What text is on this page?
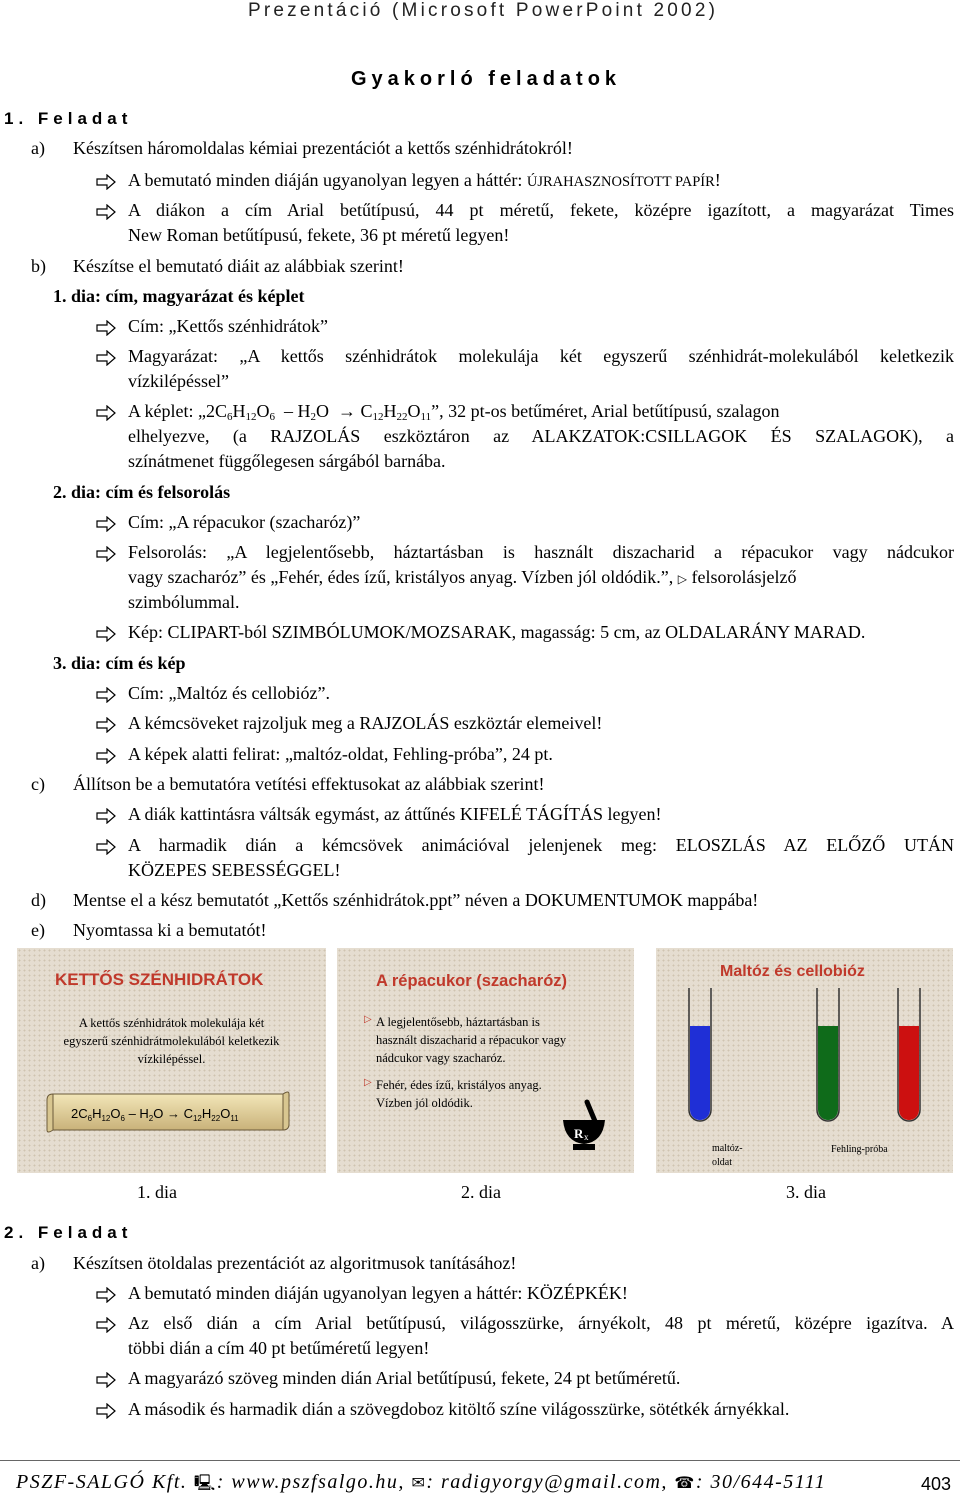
Prezentáció (Microsoft PowerPoint 2002)
Gyakorló feladatok
1. Feladat
a) Készítsen háromoldalas kémiai prezentációt a kettős szénhidrátokról!
A bemutató minden diáján ugyanolyan legyen a háttér: ÚJRAHASZNOSÍTOTT PAPÍR!
A diákon a cím Arial betűtípusú, 44 pt méretű, fekete, középre igazított, a magyarázat Times
New Roman betűtípusú, fekete, 36 pt méretű legyen!
b) Készítse el bemutató diáit az alábbiak szerint!
1. dia: cím, magyarázat és képlet
Cím: „Kettős szénhidrátok”
Magyarázat: „A kettős szénhidrátok molekulája két egyszerű szénhidrát-molekulából keletkezik
vízkilépéssel”
A képlet: $„2C_6H_{12}O_6 - H_2O \to C_{12}H_{22}O_{11}$”, 32 pt-os betűméret, Arial betűtípusú, szalagon
elhelyezve, (a RAJZOLÁS eszköztáron az ALAKZATOK:CSILLAGOK ÉS SZALAGOK), a
színátmenet függőlegesen sárgából barnába.
2. dia: cím és felsorolás
Cím: „A répacukor (szacharóz)”
Felsorolás: „A legjelentősebb, háztartásban is használt diszacharid a répacukor vagy nádcukor
vagy szacharóz” és „Fehér, édes ízű, kristályos anyag. Vízben jól oldódik.”, ▷ felsorolásjelző
szimbólummal.
Kép: CLIPART-ból SZIMBÓLUMOK/MOZSARAK, magasság: 5 cm, az OLDALARÁNY MARAD.
3. dia: cím és kép
Cím: „Maltóz és cellobióz”.
A kémcsöveket rajzoljuk meg a RAJZOLÁS eszköztár elemeivel!
A képek alatti felirat: „maltóz-oldat, Fehling-próba”, 24 pt.
c) Állítson be a bemutatóra vetítési effektusokat az alábbiak szerint!
A diák kattintásra váltsák egymást, az áttűnés KIFELÉ TÁGÍTÁS legyen!
A harmadik dián a kémcsövek animációval jelenjenek meg: ELOSZLÁS AZ ELŐZŐ UTÁN
KÖZEPES SEBESSÉGGEL!
d) Mentse el a kész bemutatót „Kettős szénhidrátok.ppt” néven a DOKUMENTUMOK mappába!
e) Nyomtassa ki a bemutatót!
KETTŐS SZÉNHIDRÁTOK
A kettős szénhidrátok molekulája két
egyszerű szénhidrátmolekulából keletkezik
vízkilépéssel.
$2C_6H_{12}O_6 - H_2O \to C_{12}H_{22}O_{11}$
A répacukor (szacharóz)
▷ A legjelentősebb, háztartásban is
használt diszacharid a répacukor vagy
nádcukor vagy szacharóz.
▷ Fehér, édes ízű, kristályos anyag.
Vízben jól oldódik.
R x
Maltóz és cellobióz
maltóz-
oldat
Fehling-próba
1. dia	2. dia	3. dia
2. Feladat
a) Készítsen ötoldalas prezentációt az algoritmusok tanításához!
A bemutató minden diáján ugyanolyan legyen a háttér: KÖZÉPKÉK!
Az első dián a cím Arial betűtípusú, világosszürke, árnyékolt, 48 pt méretű, középre igazítva. A
többi dián a cím 40 pt betűméretű legyen!
A magyarázó szöveg minden dián Arial betűtípusú, fekete, 24 pt betűméretű.
A második és harmadik dián a szövegdoboz kitöltő színe világosszürke, sötétkék árnyékkal.
PSZF-SALGÓ Kft. 🖳: www.pszfsalgo.hu, ✉: radigyorgy@gmail.com, ☎: 30/644-5111	403
